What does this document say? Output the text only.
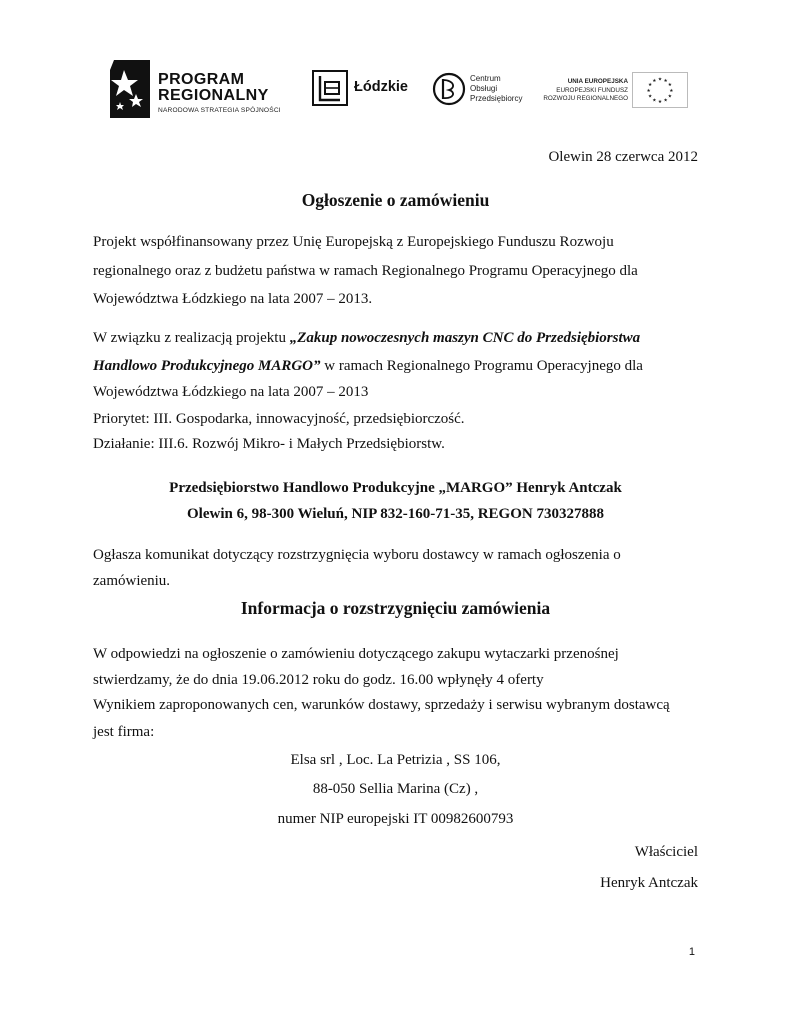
PROGRAM
REGIONALNY
NARODOWA STRATEGIA SPÓJNOŚCI
Łódzkie
Centrum
Obsługi
Przedsiębiorcy
UNIA EUROPEJSKA
EUROPEJSKI FUNDUSZ
ROZWOJU REGIONALNEGO
★ ★
★
★
★
★
★
★
★
★
★
★
Olewin 28 czerwca 2012
Ogłoszenie o zamówieniu
Projekt współfinansowany przez Unię Europejską z Europejskiego Funduszu Rozwoju
regionalnego oraz z budżetu państwa w ramach Regionalnego Programu Operacyjnego dla
Województwa Łódzkiego na lata 2007 – 2013.
W związku z realizacją projektu „Zakup nowoczesnych maszyn CNC do Przedsiębiorstwa
Handlowo Produkcyjnego MARGO” w ramach Regionalnego Programu Operacyjnego dla
Województwa Łódzkiego na lata 2007 – 2013
Priorytet: III. Gospodarka, innowacyjność, przedsiębiorczość.
Działanie: III.6. Rozwój Mikro- i Małych Przedsiębiorstw.
Przedsiębiorstwo Handlowo Produkcyjne „MARGO” Henryk Antczak
Olewin 6, 98-300 Wieluń, NIP 832-160-71-35, REGON 730327888
Ogłasza komunikat dotyczący rozstrzygnięcia wyboru dostawcy w ramach ogłoszenia o
zamówieniu.
Informacja o rozstrzygnięciu zamówienia
W odpowiedzi na ogłoszenie o zamówieniu dotyczącego zakupu wytaczarki przenośnej
stwierdzamy, że do dnia 19.06.2012 roku do godz. 16.00 wpłynęły 4 oferty
Wynikiem zaproponowanych cen, warunków dostawy, sprzedaży i serwisu wybranym dostawcą
jest firma:
Elsa srl , Loc. La Petrizia , SS 106,
88-050 Sellia Marina (Cz) ,
numer NIP europejski IT 00982600793
Właściciel
Henryk Antczak
1
